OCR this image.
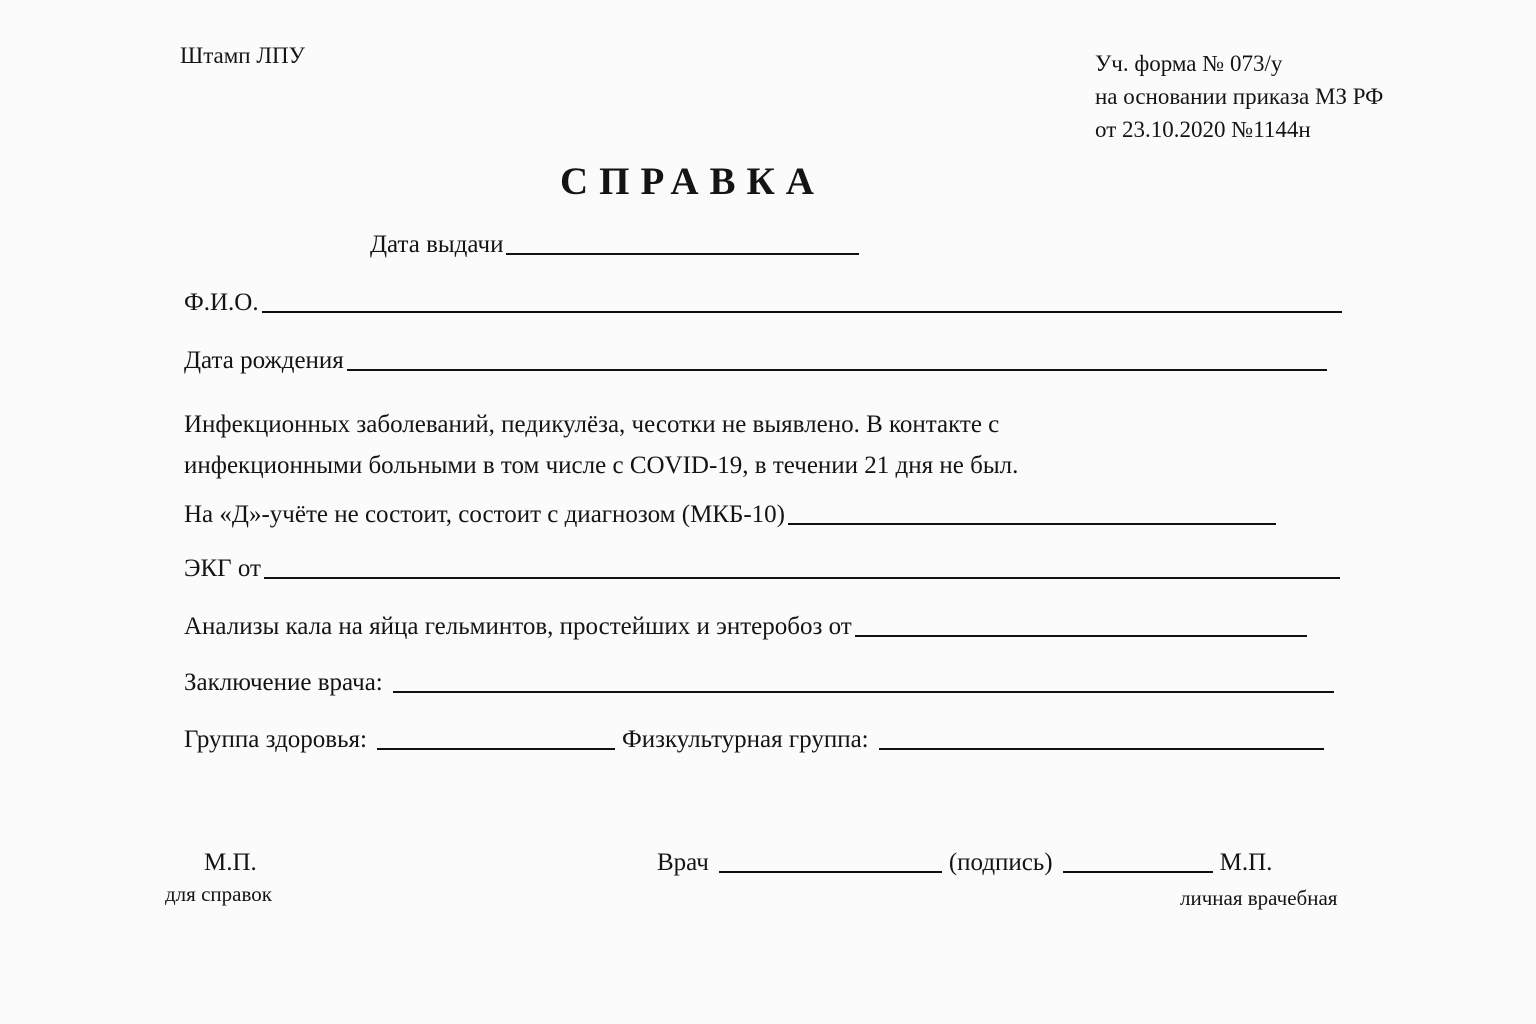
Штамп ЛПУ	Уч. форма № 073/у
на основании приказа МЗ РФ
от 23.10.2020 №1144н
СПРАВКА
Дата выдачи
Ф.И.О.
Дата рождения
Инфекционных заболеваний, педикулёза, чесотки не выявлено. В контакте с
инфекционными больными в том числе с COVID-19, в течении 21 дня не был.
На «Д»-учёте не состоит, состоит с диагнозом (МКБ-10)
ЭКГ от
Анализы кала на яйца гельминтов, простейших и энтеробоз от
Заключение врача:
Группа здоровья:	Физкультурная группа:
М.П.
для справок
Врач	(подпись)	М.П.
личная врачебная
